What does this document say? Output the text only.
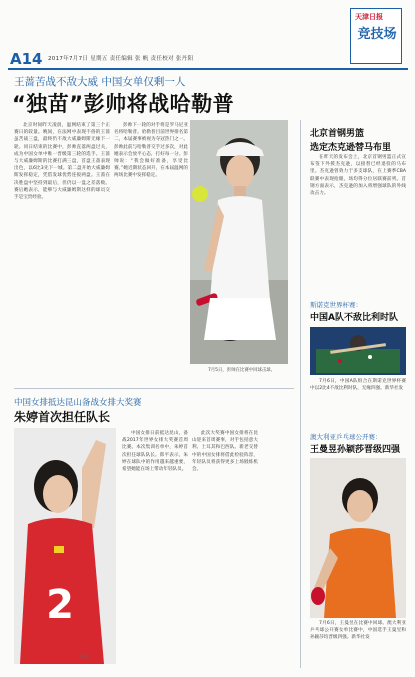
A14 2017年7月7日 星期五 责任编辑 张 帆 责任校对 张丹阳
天津日报
竞技场
王蔷苦战不敌大威 中国女单仅剩一人
“独苗”彭帅将战哈勒普

北京时间昨天凌晨，温网结束了第三个正赛日的较量。晚间，在法网中表现不俗的王蔷虽苦战三盘，最终仍不敌大威廉姆斯无缘下一轮。同日结束的比赛中，彭帅直落两盘过关，成为中国女单中唯一晋级第三轮的选手。王蔷与大威廉姆斯的比赛打满三盘，首盘王蔷表现出色，以6比3先下一城。第二盘开始大威廉姆斯发挥稳定，凭借发球优势连扳两盘。王蔷在决胜盘中坚持到最后，但仍以一盘之差落败。赛后她表示，能够与大威廉姆斯这样的球员交手是宝贵经验。

彭帅下一轮的对手将是罗马尼亚名将哈勒普。哈勒普目前世界排名第二，本届赛事被视为夺冠热门之一。彭帅此前与哈勒普交手过多次，对此她表示会放平心态，打好每一分。彭帅说：“我会做好准备，享受比赛。”她近期状态回升，在本届温网的两场比赛中发挥稳定。

7月5日，彭帅在比赛中回球击球。
中国女排抵达昆山备战女排大奖赛
朱婷首次担任队长
2
朱婷

中国女排日前抵达昆山，备战2017年世界女排大奖赛首周比赛。本次集训名单中，朱婷首次担任球队队长。郎平表示，朱婷在球队中的作用越来越重要，希望她能在场上带动年轻队员。

此次大奖赛中国女排将在昆山迎来首周赛事，对手包括意大利、土耳其和巴西队。新老交替中的中国女排将借此检验阵容，年轻队员将获得更多上场锻炼机会。

北京首钢男篮
选定杰克逊替马布里

在昨天的发布会上，北京首钢男篮正式宣布签下外援杰克逊，以接替已经退役的马布里。杰克逊曾效力于多支球队，在上赛季CBA联赛中表现抢眼，场均得分位居联赛前列。首钢方面表示，杰克逊的加入将增强球队的外线攻击力。

斯诺克世界杯赛：
中国A队不敌比利时队

7月6日，中国A队组合在斯诺克世界杯赛中以2比4不敌比利时队，无缘四强。新华社发

澳大利亚乒乓球公开赛：
王曼昱孙颖莎晋级四强

7月6日，王曼昱在比赛中回球。澳大利亚乒乓球公开赛女单比赛中，中国选手王曼昱和孙颖莎均晋级四强。新华社发
